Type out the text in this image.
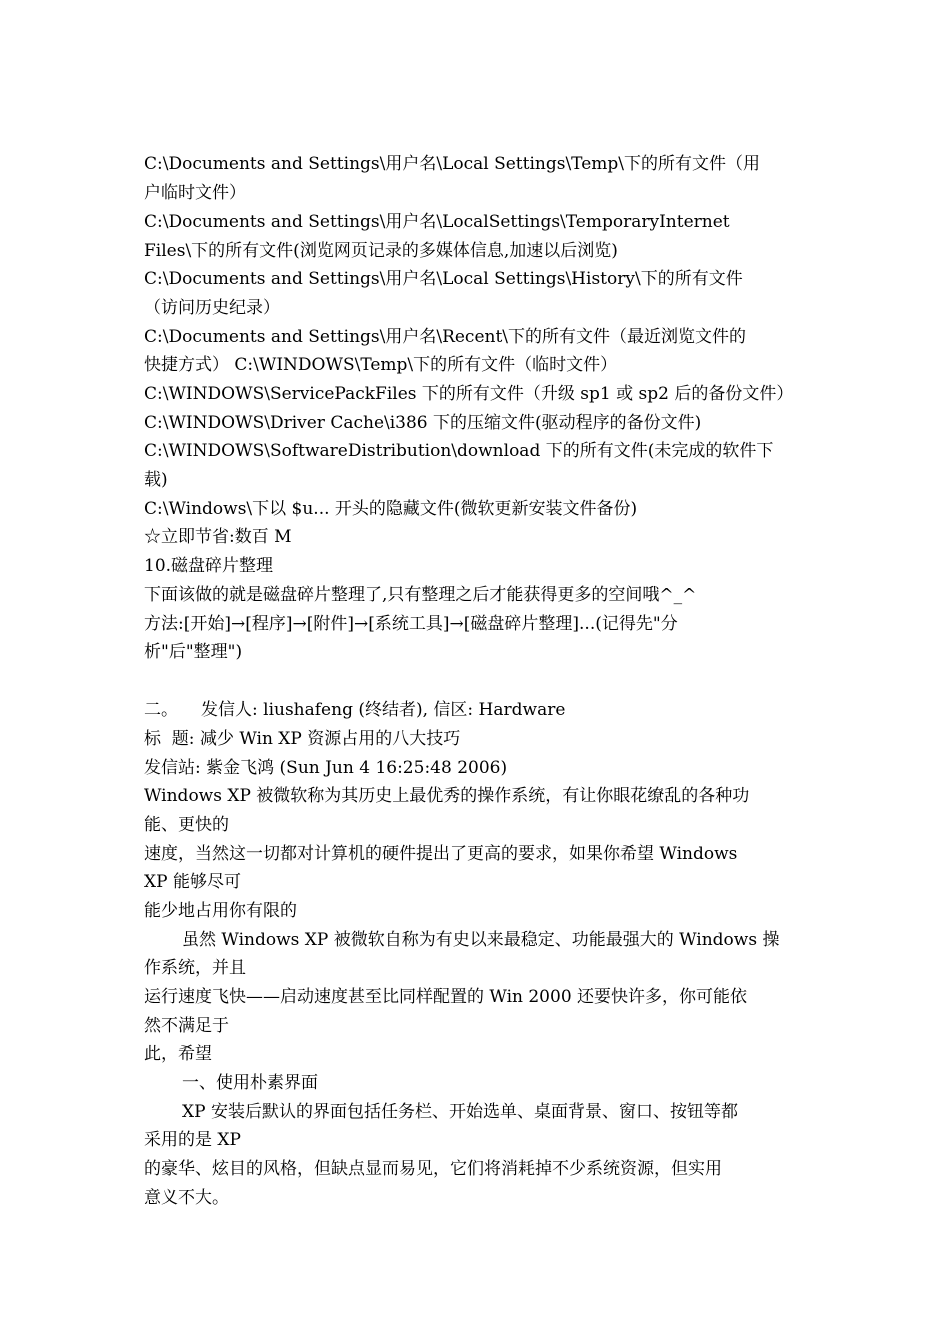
C:\Documents and Settings\用户名\Local Settings\Temp\下的所有文件（用
户临时文件）
C:\Documents and Settings\用户名\LocalSettings\TemporaryInternet
Files\下的所有文件(浏览网页记录的多媒体信息,加速以后浏览)
C:\Documents and Settings\用户名\Local Settings\History\下的所有文件
（访问历史纪录）
C:\Documents and Settings\用户名\Recent\下的所有文件（最近浏览文件的
快捷方式） C:\WINDOWS\Temp\下的所有文件（临时文件）
C:\WINDOWS\ServicePackFiles 下的所有文件（升级 sp1 或 sp2 后的备份文件）
C:\WINDOWS\Driver Cache\i386 下的压缩文件(驱动程序的备份文件)
C:\WINDOWS\SoftwareDistribution\download 下的所有文件(未完成的软件下
载)
C:\Windows\下以 $u... 开头的隐藏文件(微软更新安装文件备份)
☆立即节省:数百 M
10.磁盘碎片整理
下面该做的就是磁盘碎片整理了,只有整理之后才能获得更多的空间哦^_^
方法:[开始]→[程序]→[附件]→[系统工具]→[磁盘碎片整理]...(记得先"分
析"后"整理")
二。 发信人: liushafeng (终结者), 信区: Hardware
标  题: 减少 Win XP 资源占用的八大技巧
发信站: 紫金飞鸿 (Sun Jun 4 16:25:48 2006)
Windows XP 被微软称为其历史上最优秀的操作系统，有让你眼花缭乱的各种功
能、更快的
速度，当然这一切都对计算机的硬件提出了更高的要求，如果你希望 Windows
XP 能够尽可
能少地占用你有限的
虽然 Windows XP 被微软自称为有史以来最稳定、功能最强大的 Windows 操
作系统，并且
运行速度飞快——启动速度甚至比同样配置的 Win 2000 还要快许多，你可能依
然不满足于
此，希望
一、使用朴素界面
XP 安装后默认的界面包括任务栏、开始选单、桌面背景、窗口、按钮等都
采用的是 XP
的豪华、炫目的风格，但缺点显而易见，它们将消耗掉不少系统资源，但实用
意义不大。
